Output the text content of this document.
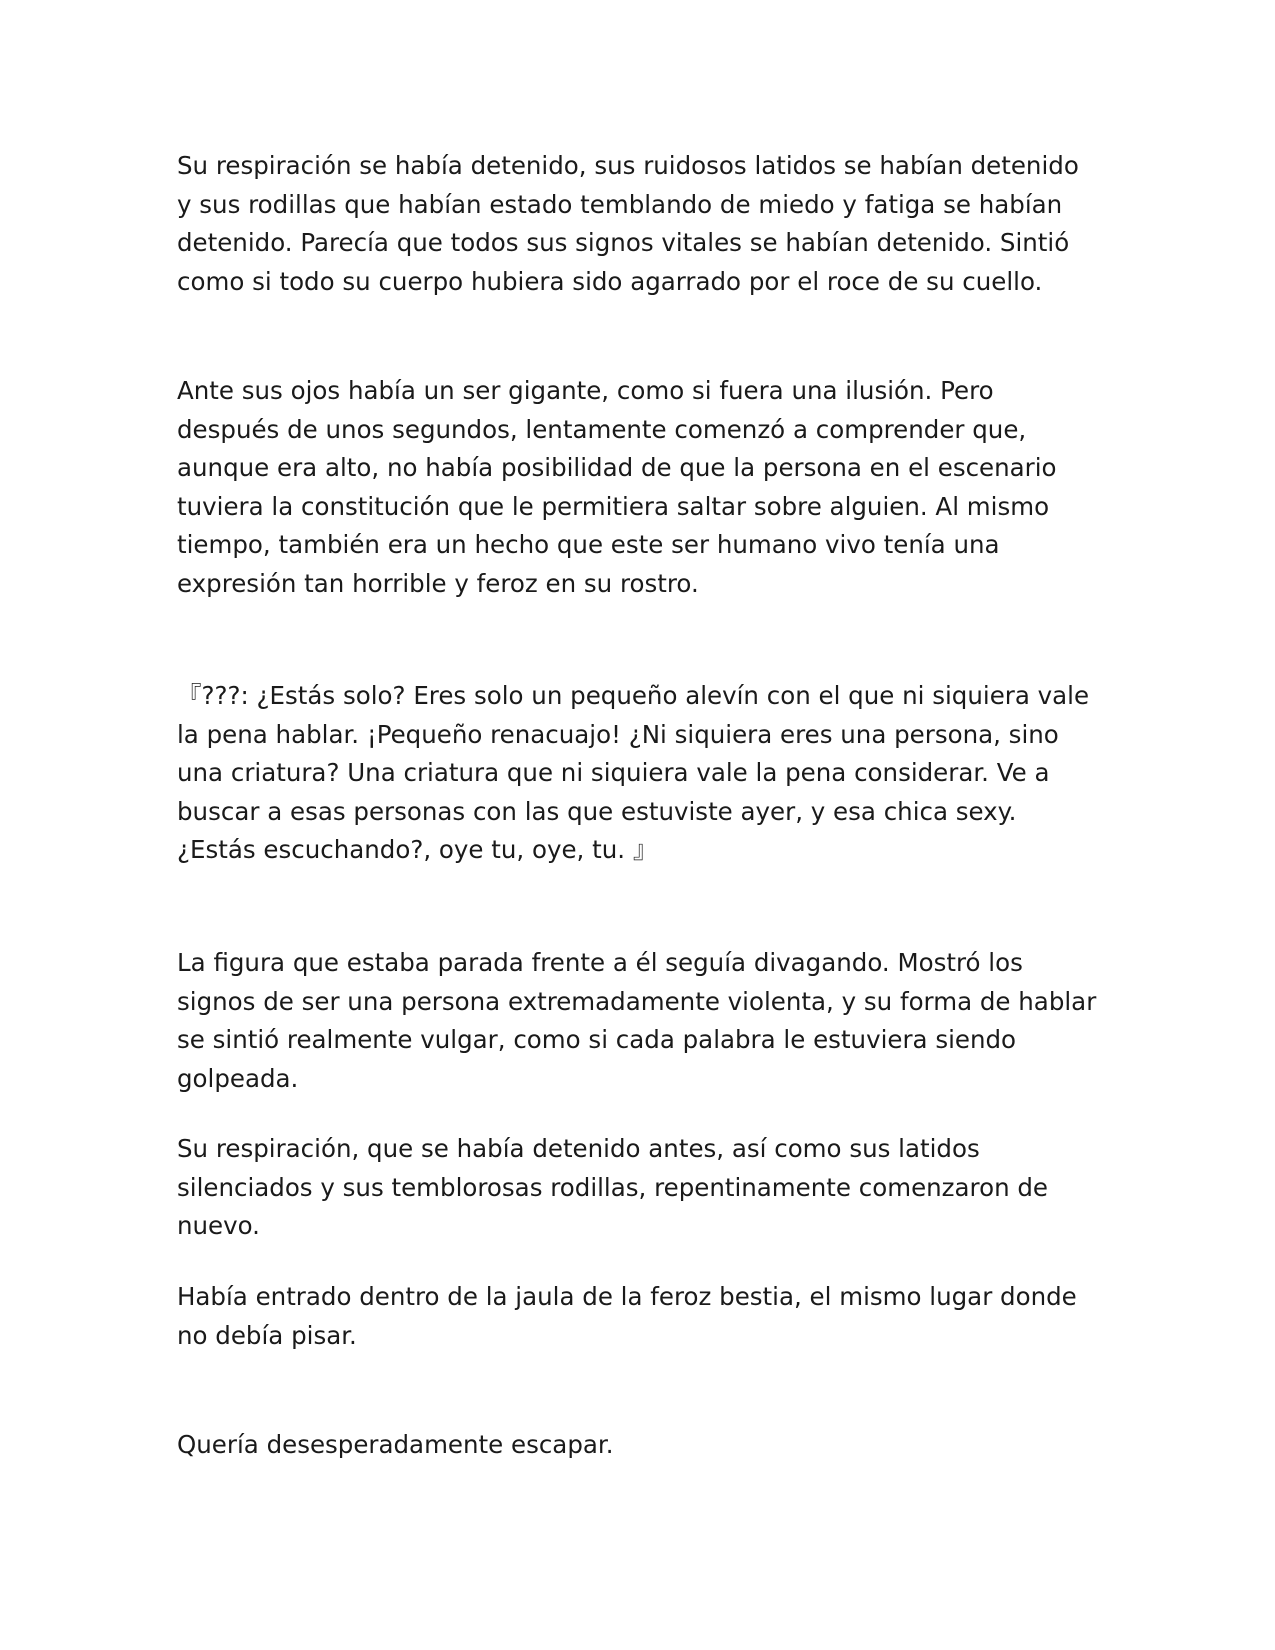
Su respiración se había detenido, sus ruidosos latidos se habían detenido y sus rodillas que habían estado temblando de miedo y fatiga se habían detenido. Parecía que todos sus signos vitales se habían detenido. Sintió como si todo su cuerpo hubiera sido agarrado por el roce de su cuello.

Ante sus ojos había un ser gigante, como si fuera una ilusión. Pero después de unos segundos, lentamente comenzó a comprender que, aunque era alto, no había posibilidad de que la persona en el escenario tuviera la constitución que le permitiera saltar sobre alguien. Al mismo tiempo, también era un hecho que este ser humano vivo tenía una expresión tan horrible y feroz en su rostro.

『???: ¿Estás solo? Eres solo un pequeño alevín con el que ni siquiera vale la pena hablar. ¡Pequeño renacuajo! ¿Ni siquiera eres una persona, sino una criatura? Una criatura que ni siquiera vale la pena considerar. Ve a buscar a esas personas con las que estuviste ayer, y esa chica sexy. ¿Estás escuchando?, oye tu, oye, tu. 』

La figura que estaba parada frente a él seguía divagando. Mostró los signos de ser una persona extremadamente violenta, y su forma de hablar se sintió realmente vulgar, como si cada palabra le estuviera siendo golpeada.

Su respiración, que se había detenido antes, así como sus latidos silenciados y sus temblorosas rodillas, repentinamente comenzaron de nuevo.

Había entrado dentro de la jaula de la feroz bestia, el mismo lugar donde no debía pisar.

Quería desesperadamente escapar.
